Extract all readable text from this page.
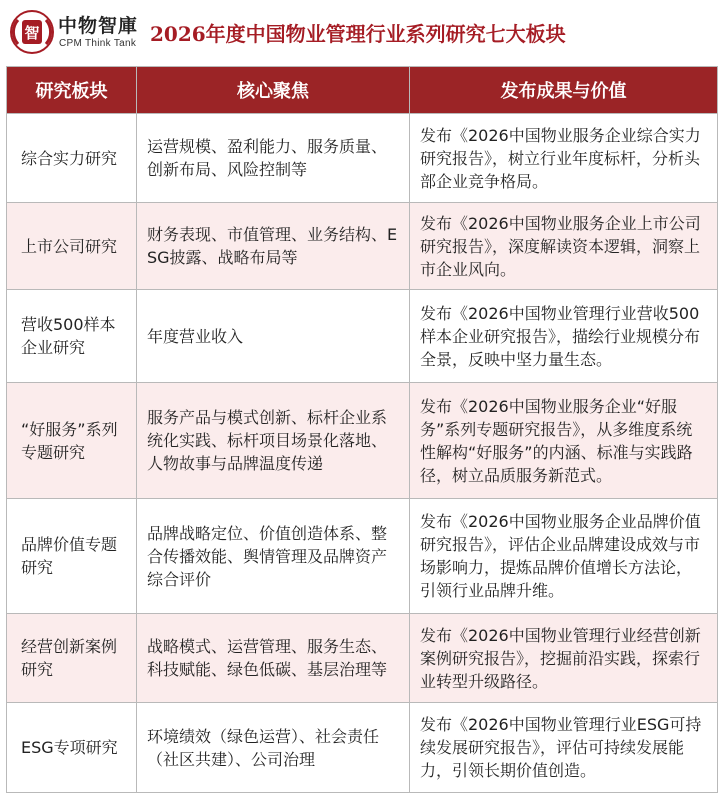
智 中物智庫
CPM Think Tank 2026年度中国物业管理行业系列研究七大板块
研究板块	核心聚焦	发布成果与价值
综合实力研究	运营规模、盈利能力、服务质量、创新布局、风险控制等	发布《2026中国物业服务企业综合实力研究报告》，树立行业年度标杆，分析头部企业竞争格局。
上市公司研究	财务表现、市值管理、业务结构、ESG披露、战略布局等	发布《2026中国物业服务企业上市公司研究报告》，深度解读资本逻辑，洞察上市企业风向。
营收500样本企业研究	年度营业收入	发布《2026中国物业管理行业营收500样本企业研究报告》，描绘行业规模分布全景，反映中坚力量生态。
“好服务”系列专题研究	服务产品与模式创新、标杆企业系统化实践、标杆项目场景化落地、人物故事与品牌温度传递	发布《2026中国物业服务企业“好服务”系列专题研究报告》，从多维度系统性解构“好服务”的内涵、标准与实践路径，树立品质服务新范式。
品牌价值专题研究	品牌战略定位、价值创造体系、整合传播效能、舆情管理及品牌资产综合评价	发布《2026中国物业服务企业品牌价值研究报告》，评估企业品牌建设成效与市场影响力，提炼品牌价值增长方法论，引领行业品牌升维。
经营创新案例研究	战略模式、运营管理、服务生态、科技赋能、绿色低碳、基层治理等	发布《2026中国物业管理行业经营创新案例研究报告》，挖掘前沿实践，探索行业转型升级路径。
ESG专项研究	环境绩效（绿色运营）、社会责任（社区共建）、公司治理	发布《2026中国物业管理行业ESG可持续发展研究报告》，评估可持续发展能力，引领长期价值创造。
